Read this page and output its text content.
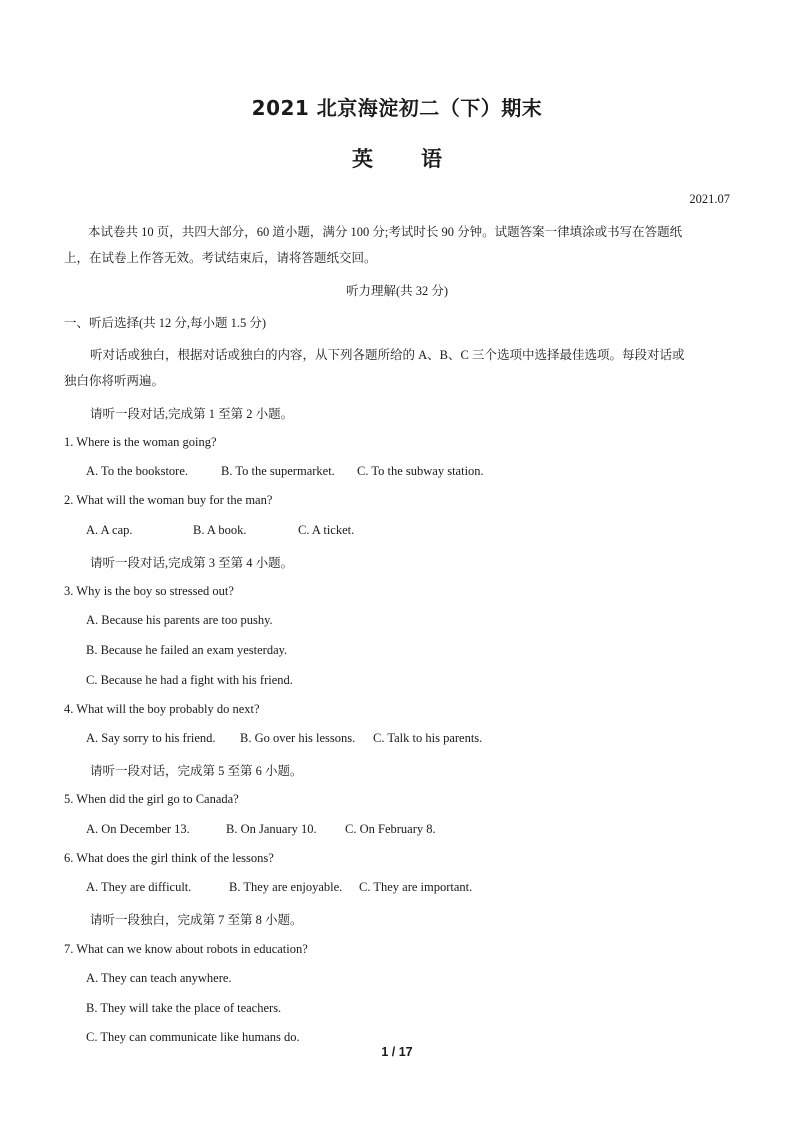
2021 北京海淀初二（下）期末
英 语
2021.07
本试卷共 10 页，共四大部分，60 道小题，满分 100 分;考试时长 90 分钟。试题答案一律填涂或书写在答题纸
上，在试卷上作答无效。考试结束后，请将答题纸交回。
听力理解(共 32 分)
一、听后选择(共 12 分,每小题 1.5 分)
听对话或独白，根据对话或独白的内容，从下列各题所给的 A、B、C 三个选项中选择最佳选项。每段对话或
独白你将听两遍。
请听一段对话,完成第 1 至第 2 小题。
1. Where is the woman going?
A. To the bookstore.	B. To the supermarket. C. To the subway station.
2. What will the woman buy for the man?
A. A cap.	B. A book.	C. A ticket.
请听一段对话,完成第 3 至第 4 小题。
3. Why is the boy so stressed out?
A. Because his parents are too pushy.
B. Because he failed an exam yesterday.
C. Because he had a fight with his friend.
4. What will the boy probably do next?
A. Say sorry to his friend. B. Go over his lessons. C. Talk to his parents.
请听一段对话，完成第 5 至第 6 小题。
5. When did the girl go to Canada?
A. On December 13.	B. On January 10. C. On February 8.
6. What does the girl think of the lessons?
A. They are difficult.	B. They are enjoyable. C. They are important.
请听一段独白，完成第 7 至第 8 小题。
7. What can we know about robots in education?
A. They can teach anywhere.
B. They will take the place of teachers.
C. They can communicate like humans do.
1 / 17
